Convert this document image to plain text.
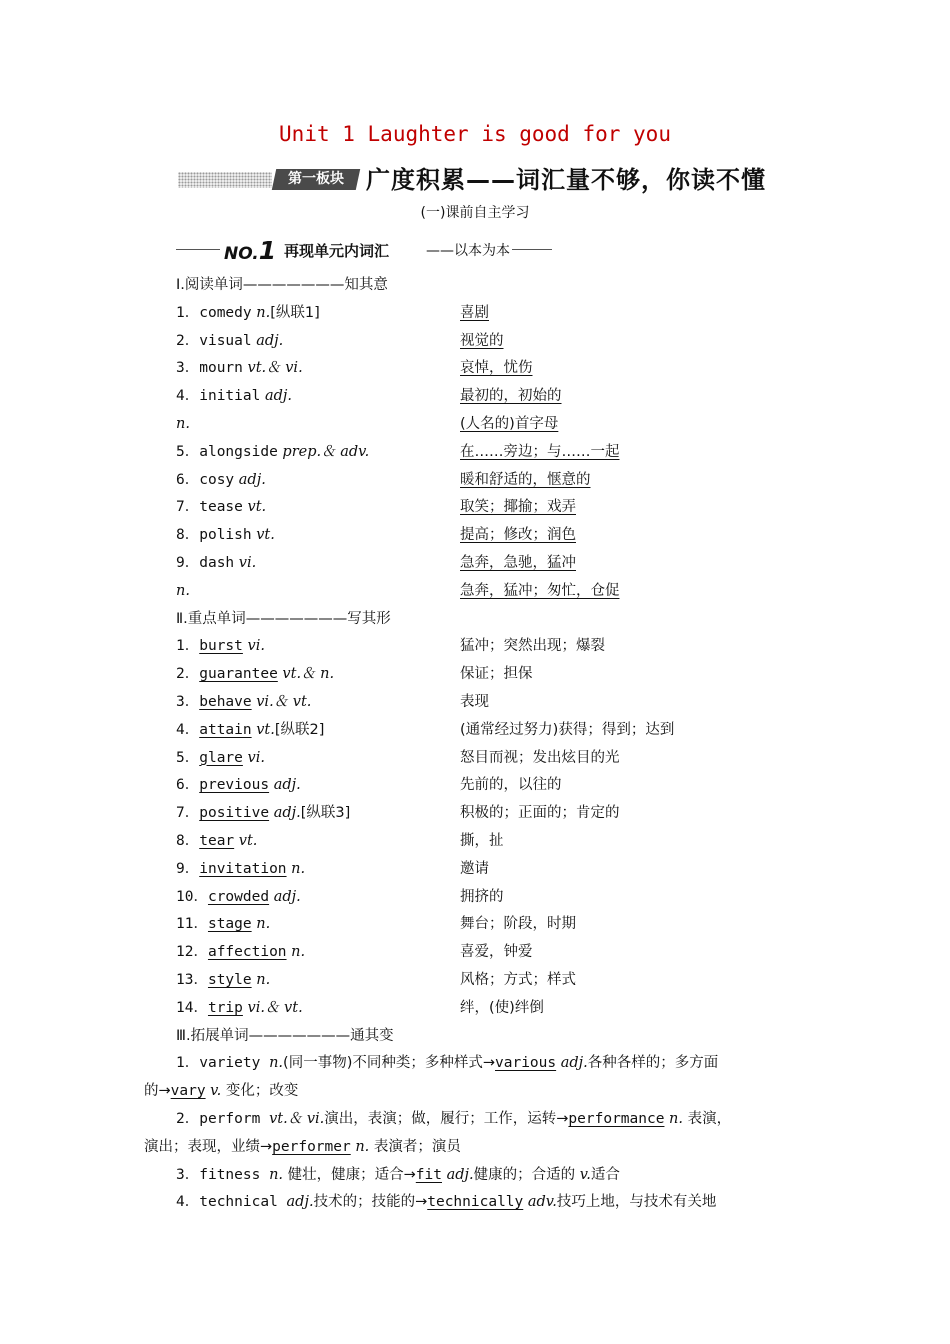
Unit 1 Laughter is good for you
第一板块 广度积累——词汇量不够，你读不懂
(一)课前自主学习
NO.1 再现单元内词汇	——以本为本
Ⅰ.阅读单词———————知其意
1．comedy n.[纵联1]	喜剧
2．visual adj.	视觉的
3．mourn vt.＆ vi.	哀悼，忧伤
4．initial adj.	最初的，初始的
n.	(人名的)首字母
5．alongside prep.＆ adv.	在……旁边；与……一起
6．cosy adj.	暖和舒适的，惬意的
7．tease vt.	取笑；揶揄；戏弄
8．polish vt.	提高；修改；润色
9．dash vi.	急奔，急驰，猛冲
n.	急奔，猛冲；匆忙，仓促
Ⅱ.重点单词———————写其形
1．burst vi.	猛冲；突然出现；爆裂
2．guarantee vt.＆ n.	保证；担保
3．behave vi.＆ vt.	表现
4．attain vt.[纵联2]	(通常经过努力)获得；得到；达到
5．glare vi.	怒目而视；发出炫目的光
6．previous adj.	先前的，以往的
7．positive adj.[纵联3]	积极的；正面的；肯定的
8．tear vt.	撕，扯
9．invitation n.	邀请
10．crowded adj.	拥挤的
11．stage n.	舞台；阶段，时期
12．affection n.	喜爱，钟爱
13．style n.	风格；方式；样式
14．trip vi.＆ vt.	绊，(使)绊倒
Ⅲ.拓展单词———————通其变
1．variety n.(同一事物)不同种类；多种样式→various adj.各种各样的；多方面
的→vary v. 变化；改变
2．perform vt.＆ vi.演出，表演；做，履行；工作，运转→performance n. 表演，
演出；表现，业绩→performer n. 表演者；演员
3．fitness n. 健壮，健康；适合→fit adj.健康的；合适的 v.适合
4．technical adj.技术的；技能的→technically adv.技巧上地，与技术有关地
